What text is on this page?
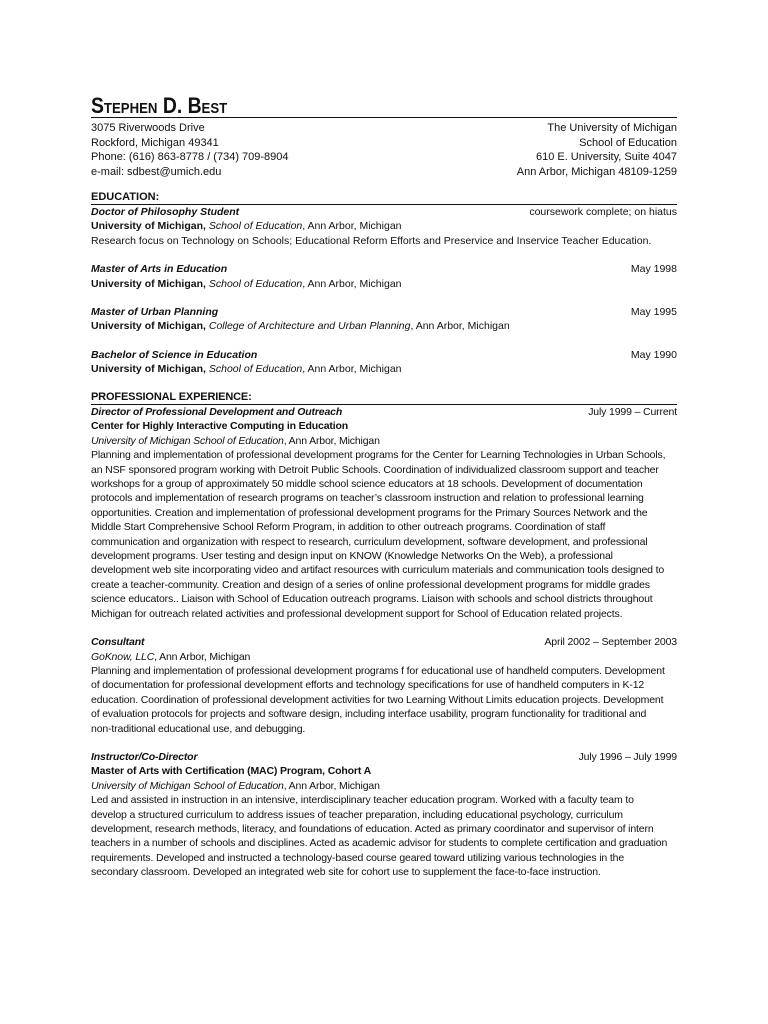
Stephen D. Best
3075 Riverwoods Drive
Rockford, Michigan 49341
Phone: (616) 863-8778 / (734) 709-8904
e-mail: sdbest@umich.edu
The University of Michigan
School of Education
610 E. University, Suite 4047
Ann Arbor, Michigan 48109-1259
EDUCATION:
Doctor of Philosophy Student	coursework complete; on hiatus
University of Michigan, School of Education, Ann Arbor, Michigan
Research focus on Technology on Schools; Educational Reform Efforts and Preservice and Inservice Teacher Education.
Master of Arts in Education	May 1998
University of Michigan, School of Education, Ann Arbor, Michigan
Master of Urban Planning	May 1995
University of Michigan, College of Architecture and Urban Planning, Ann Arbor, Michigan
Bachelor of Science in Education	May 1990
University of Michigan, School of Education, Ann Arbor, Michigan
PROFESSIONAL EXPERIENCE:
Director of Professional Development and Outreach	July 1999 – Current
Center for Highly Interactive Computing in Education
University of Michigan School of Education, Ann Arbor, Michigan
Planning and implementation of professional development programs for the Center for Learning Technologies in Urban Schools,
an NSF sponsored program working with Detroit Public Schools. Coordination of individualized classroom support and teacher
workshops for a group of approximately 50 middle school science educators at 18 schools. Development of documentation
protocols and implementation of research programs on teacher’s classroom instruction and relation to professional learning
opportunities. Creation and implementation of professional development programs for the Primary Sources Network and the
Middle Start Comprehensive School Reform Program, in addition to other outreach programs. Coordination of staff
communication and organization with respect to research, curriculum development, software development, and professional
development programs. User testing and design input on KNOW (Knowledge Networks On the Web), a professional
development web site incorporating video and artifact resources with curriculum materials and communication tools designed to
create a teacher-community. Creation and design of a series of online professional development programs for middle grades
science educators.. Liaison with School of Education outreach programs. Liaison with schools and school districts throughout
Michigan for outreach related activities and professional development support for School of Education related projects.
Consultant	April 2002 – September 2003
GoKnow, LLC, Ann Arbor, Michigan
Planning and implementation of professional development programs f for educational use of handheld computers. Development
of documentation for professional development efforts and technology specifications for use of handheld computers in K-12
education. Coordination of professional development activities for two Learning Without Limits education projects. Development
of evaluation protocols for projects and software design, including interface usability, program functionality for traditional and
non-traditional educational use, and debugging.
Instructor/Co-Director	July 1996 – July 1999
Master of Arts with Certification (MAC) Program, Cohort A
University of Michigan School of Education, Ann Arbor, Michigan
Led and assisted in instruction in an intensive, interdisciplinary teacher education program. Worked with a faculty team to
develop a structured curriculum to address issues of teacher preparation, including educational psychology, curriculum
development, research methods, literacy, and foundations of education. Acted as primary coordinator and supervisor of intern
teachers in a number of schools and disciplines. Acted as academic advisor for students to complete certification and graduation
requirements. Developed and instructed a technology-based course geared toward utilizing various technologies in the
secondary classroom. Developed an integrated web site for cohort use to supplement the face-to-face instruction.
